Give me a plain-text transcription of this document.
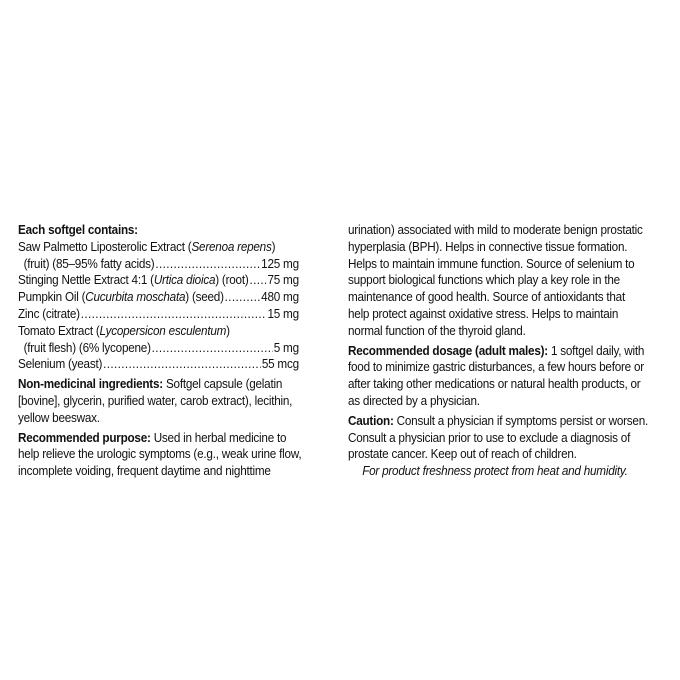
Each softgel contains:
Saw Palmetto Liposterolic Extract (Serenoa repens)
(fruit) (85–95% fatty acids) .....	125 mg
Stinging Nettle Extract 4:1 (Urtica dioica) (root) ..... 75 mg
Pumpkin Oil (Cucurbita moschata) (seed) .....	480 mg
Zinc (citrate) .....	15 mg
Tomato Extract (Lycopersicon esculentum)
(fruit flesh) (6% lycopene) .....	5 mg
Selenium (yeast) .....	55 mcg
Non-medicinal ingredients: Softgel capsule (gelatin
[bovine], glycerin, purified water, carob extract), lecithin,
yellow beeswax.
Recommended purpose: Used in herbal medicine to
help relieve the urologic symptoms (e.g., weak urine flow,
incomplete voiding, frequent daytime and nighttime
urination) associated with mild to moderate benign prostatic
hyperplasia (BPH). Helps in connective tissue formation.
Helps to maintain immune function. Source of selenium to
support biological functions which play a key role in the
maintenance of good health. Source of antioxidants that
help protect against oxidative stress. Helps to maintain
normal function of the thyroid gland.
Recommended dosage (adult males): 1 softgel daily, with
food to minimize gastric disturbances, a few hours before or
after taking other medications or natural health products, or
as directed by a physician.
Caution: Consult a physician if symptoms persist or worsen.
Consult a physician prior to use to exclude a diagnosis of
prostate cancer. Keep out of reach of children.
For product freshness protect from heat and humidity.
